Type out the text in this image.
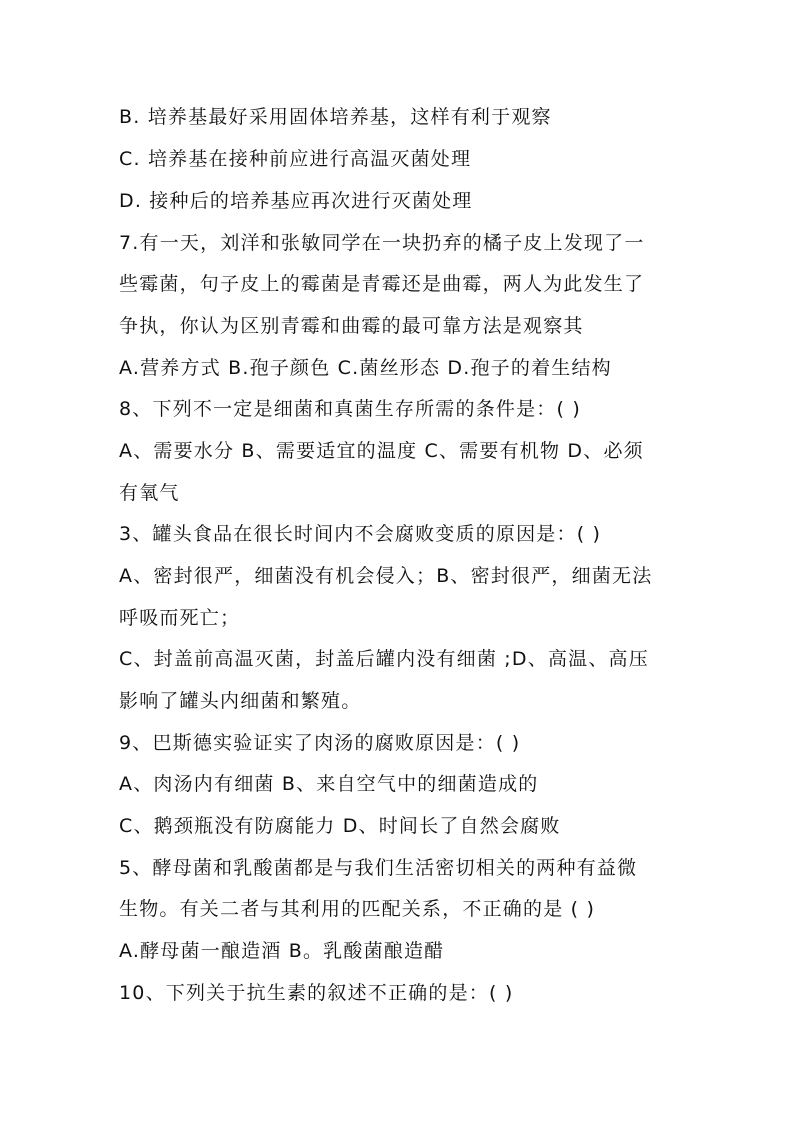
B. 培养基最好采用固体培养基，这样有利于观察
C. 培养基在接种前应进行高温灭菌处理
D. 接种后的培养基应再次进行灭菌处理
7.有一天，刘洋和张敏同学在一块扔弃的橘子皮上发现了一
些霉菌，句子皮上的霉菌是青霉还是曲霉，两人为此发生了
争执，你认为区别青霉和曲霉的最可靠方法是观察其
A.营养方式 B.孢子颜色 C.菌丝形态 D.孢子的着生结构
8、下列不一定是细菌和真菌生存所需的条件是：( )
A、需要水分 B、需要适宜的温度 C、需要有机物 D、必须
有氧气
3、罐头食品在很长时间内不会腐败变质的原因是：( )
A、密封很严，细菌没有机会侵入；B、密封很严，细菌无法
呼吸而死亡；
C、封盖前高温灭菌，封盖后罐内没有细菌 ;D、高温、高压
影响了罐头内细菌和繁殖。
9、巴斯德实验证实了肉汤的腐败原因是：( )
A、肉汤内有细菌 B、来自空气中的细菌造成的
C、鹅颈瓶没有防腐能力 D、时间长了自然会腐败
5、酵母菌和乳酸菌都是与我们生活密切相关的两种有益微
生物。有关二者与其利用的匹配关系，不正确的是 ( )
A.酵母菌一酿造酒 B。乳酸菌酿造醋
10、下列关于抗生素的叙述不正确的是：( )
